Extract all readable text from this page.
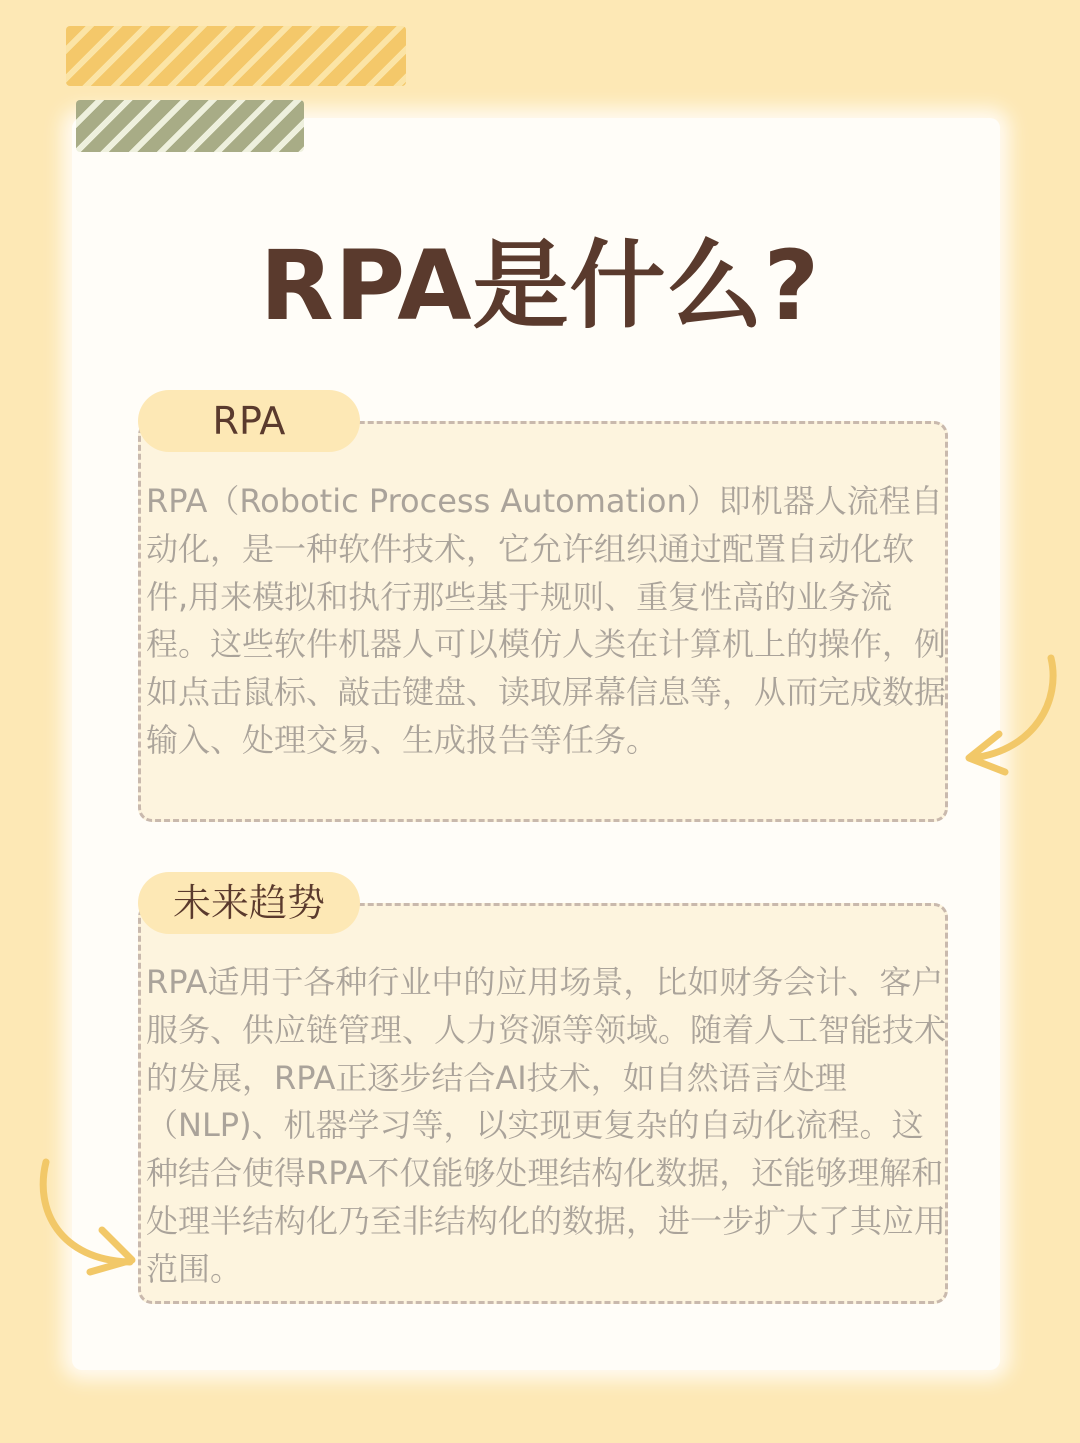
RPA是什么?
RPA

RPA（Robotic Process Automation）即机器人流程自动化，是一种软件技术，它允许组织通过配置自动化软件,用来模拟和执行那些基于规则、重复性高的业务流程。这些软件机器人可以模仿人类在计算机上的操作，例如点击鼠标、敲击键盘、读取屏幕信息等，从而完成数据输入、处理交易、生成报告等任务。

未来趋势

RPA适用于各种行业中的应用场景，比如财务会计、客户服务、供应链管理、人力资源等领域。随着人工智能技术的发展，RPA正逐步结合AI技术，如自然语言处理（NLP)、机器学习等，以实现更复杂的自动化流程。这种结合使得RPA不仅能够处理结构化数据，还能够理解和处理半结构化乃至非结构化的数据，进一步扩大了其应用范围。
